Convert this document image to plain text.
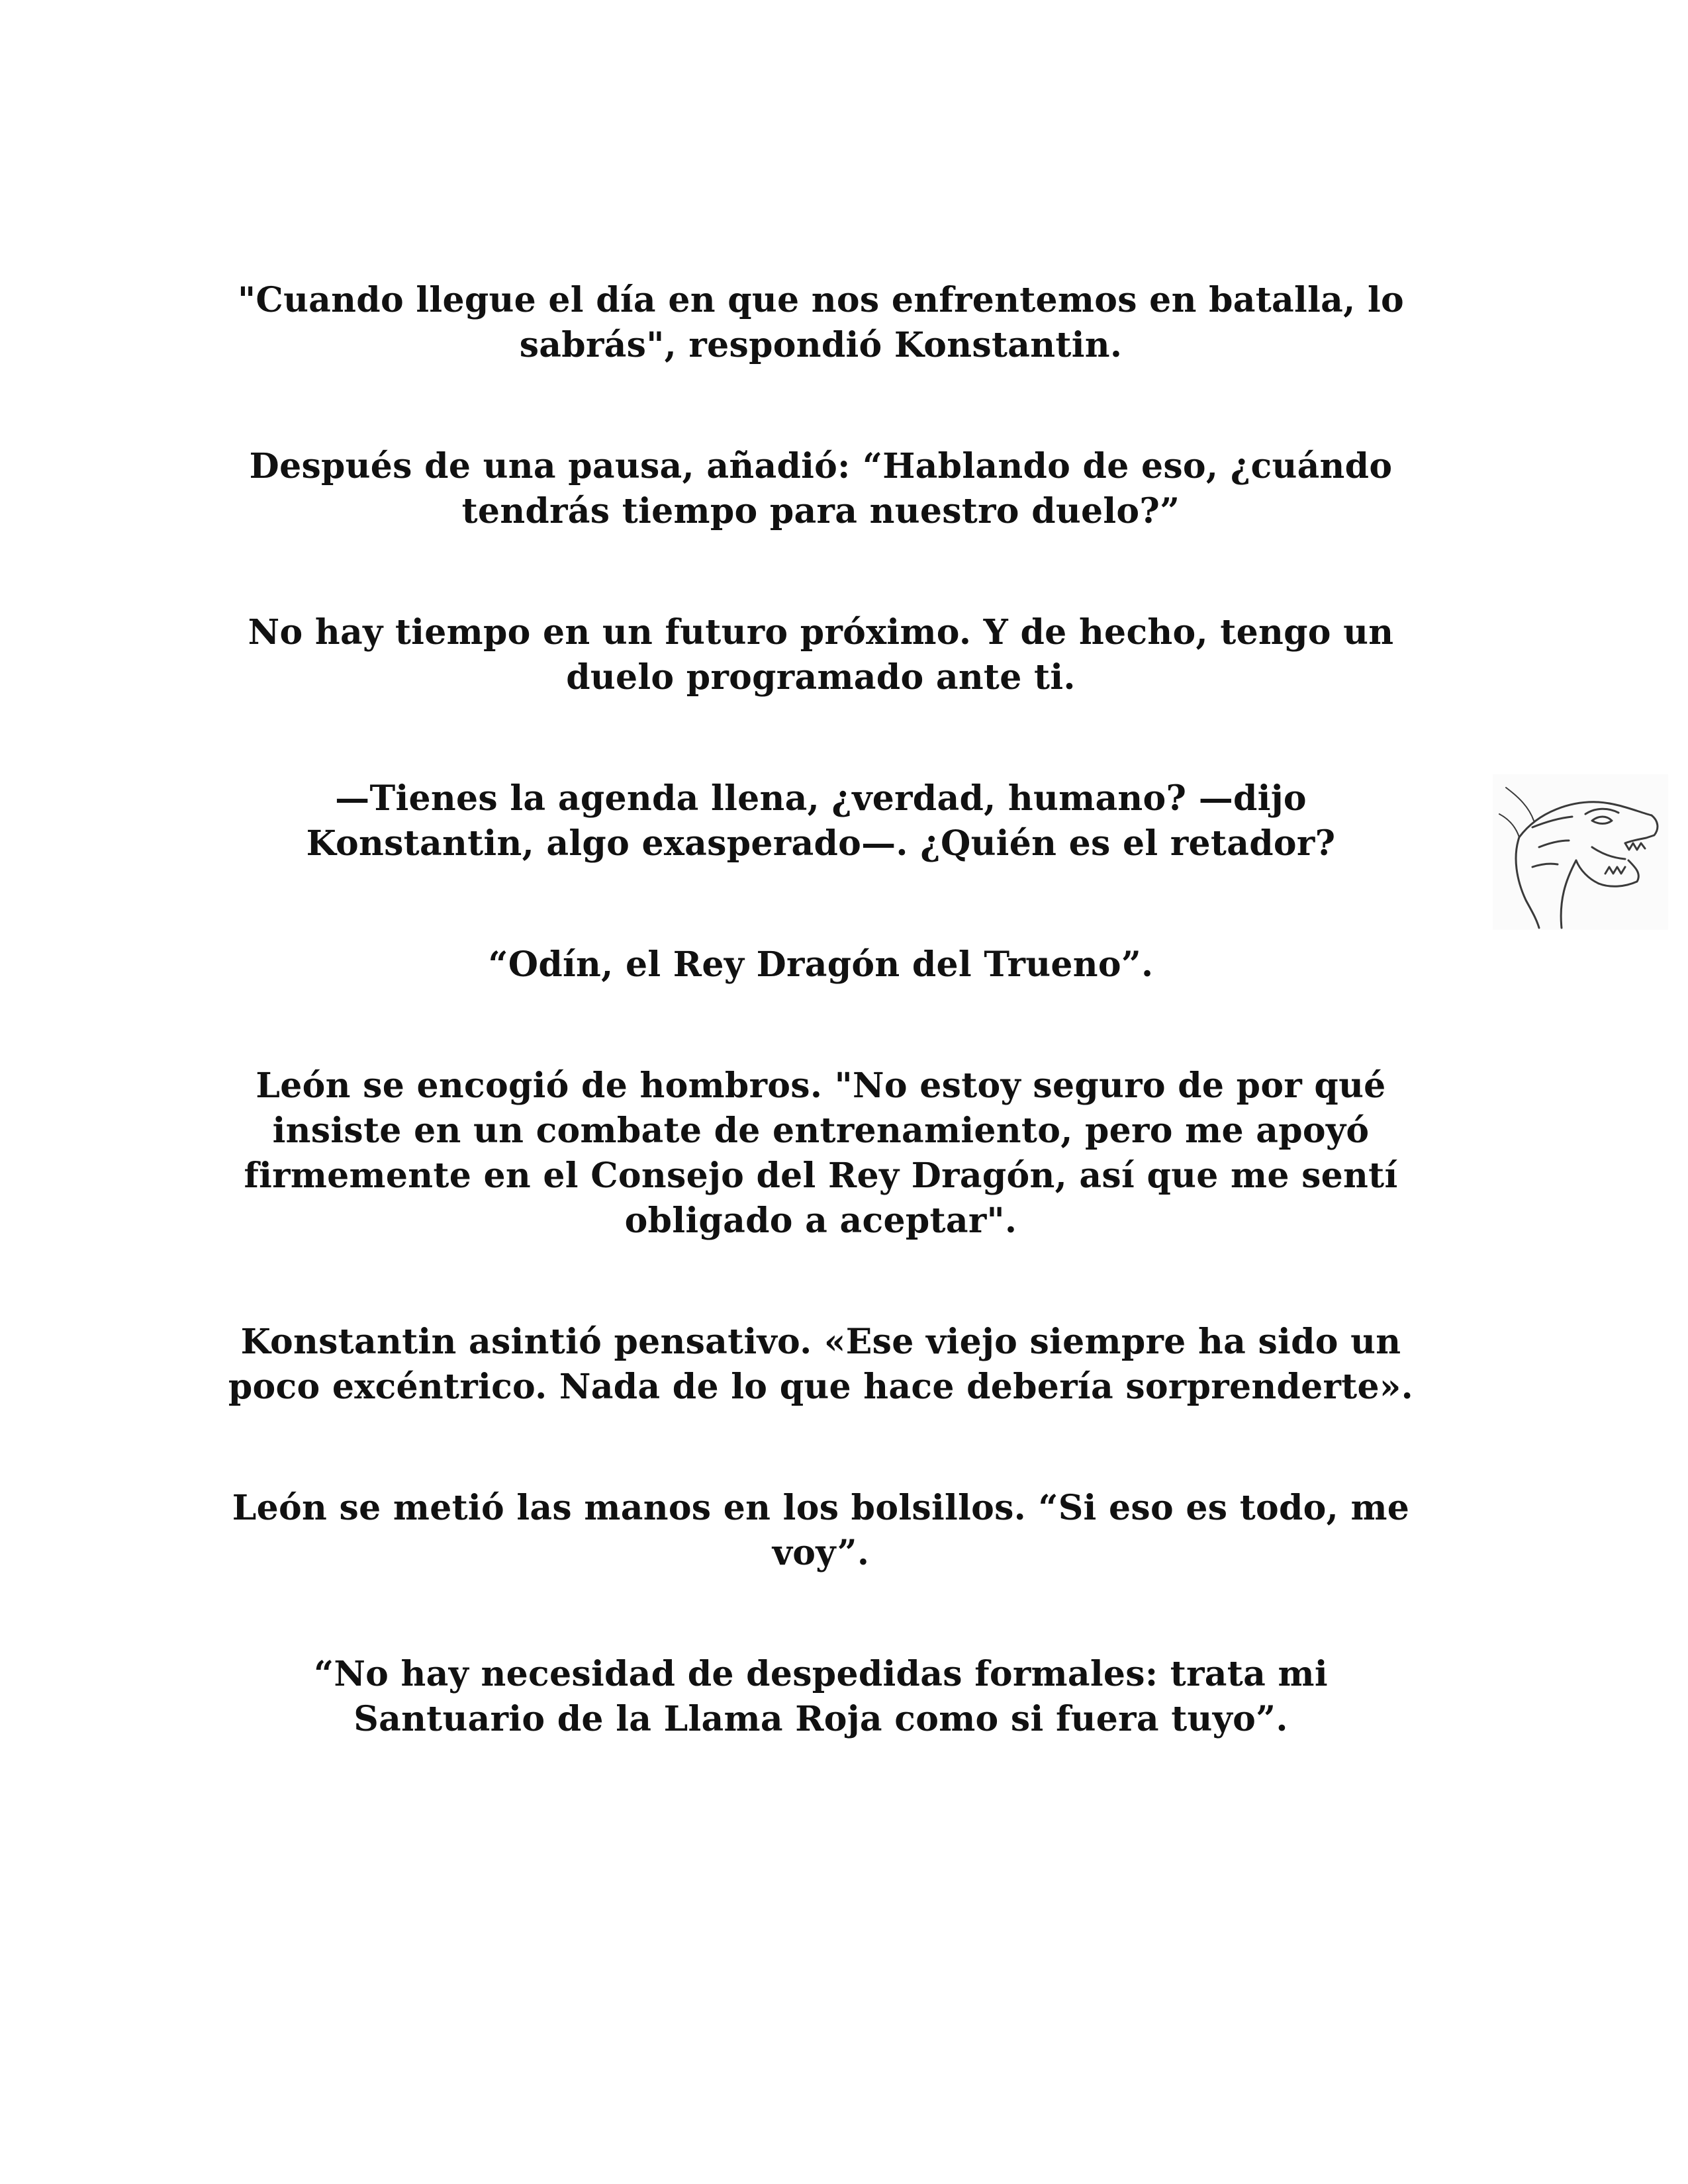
"Cuando llegue el día en que nos enfrentemos en batalla, lo sabrás", respondió Konstantin.

Después de una pausa, añadió: “Hablando de eso, ¿cuándo tendrás tiempo para nuestro duelo?”

No hay tiempo en un futuro próximo. Y de hecho, tengo un duelo programado ante ti.

—Tienes la agenda llena, ¿verdad, humano? —dijo Konstantin, algo exasperado—. ¿Quién es el retador?

“Odín, el Rey Dragón del Trueno”.

León se encogió de hombros. "No estoy seguro de por qué insiste en un combate de entrenamiento, pero me apoyó firmemente en el Consejo del Rey Dragón, así que me sentí obligado a aceptar".

Konstantin asintió pensativo. «Ese viejo siempre ha sido un poco excéntrico. Nada de lo que hace debería sorprenderte».

León se metió las manos en los bolsillos. “Si eso es todo, me voy”.

“No hay necesidad de despedidas formales: trata mi Santuario de la Llama Roja como si fuera tuyo”.
